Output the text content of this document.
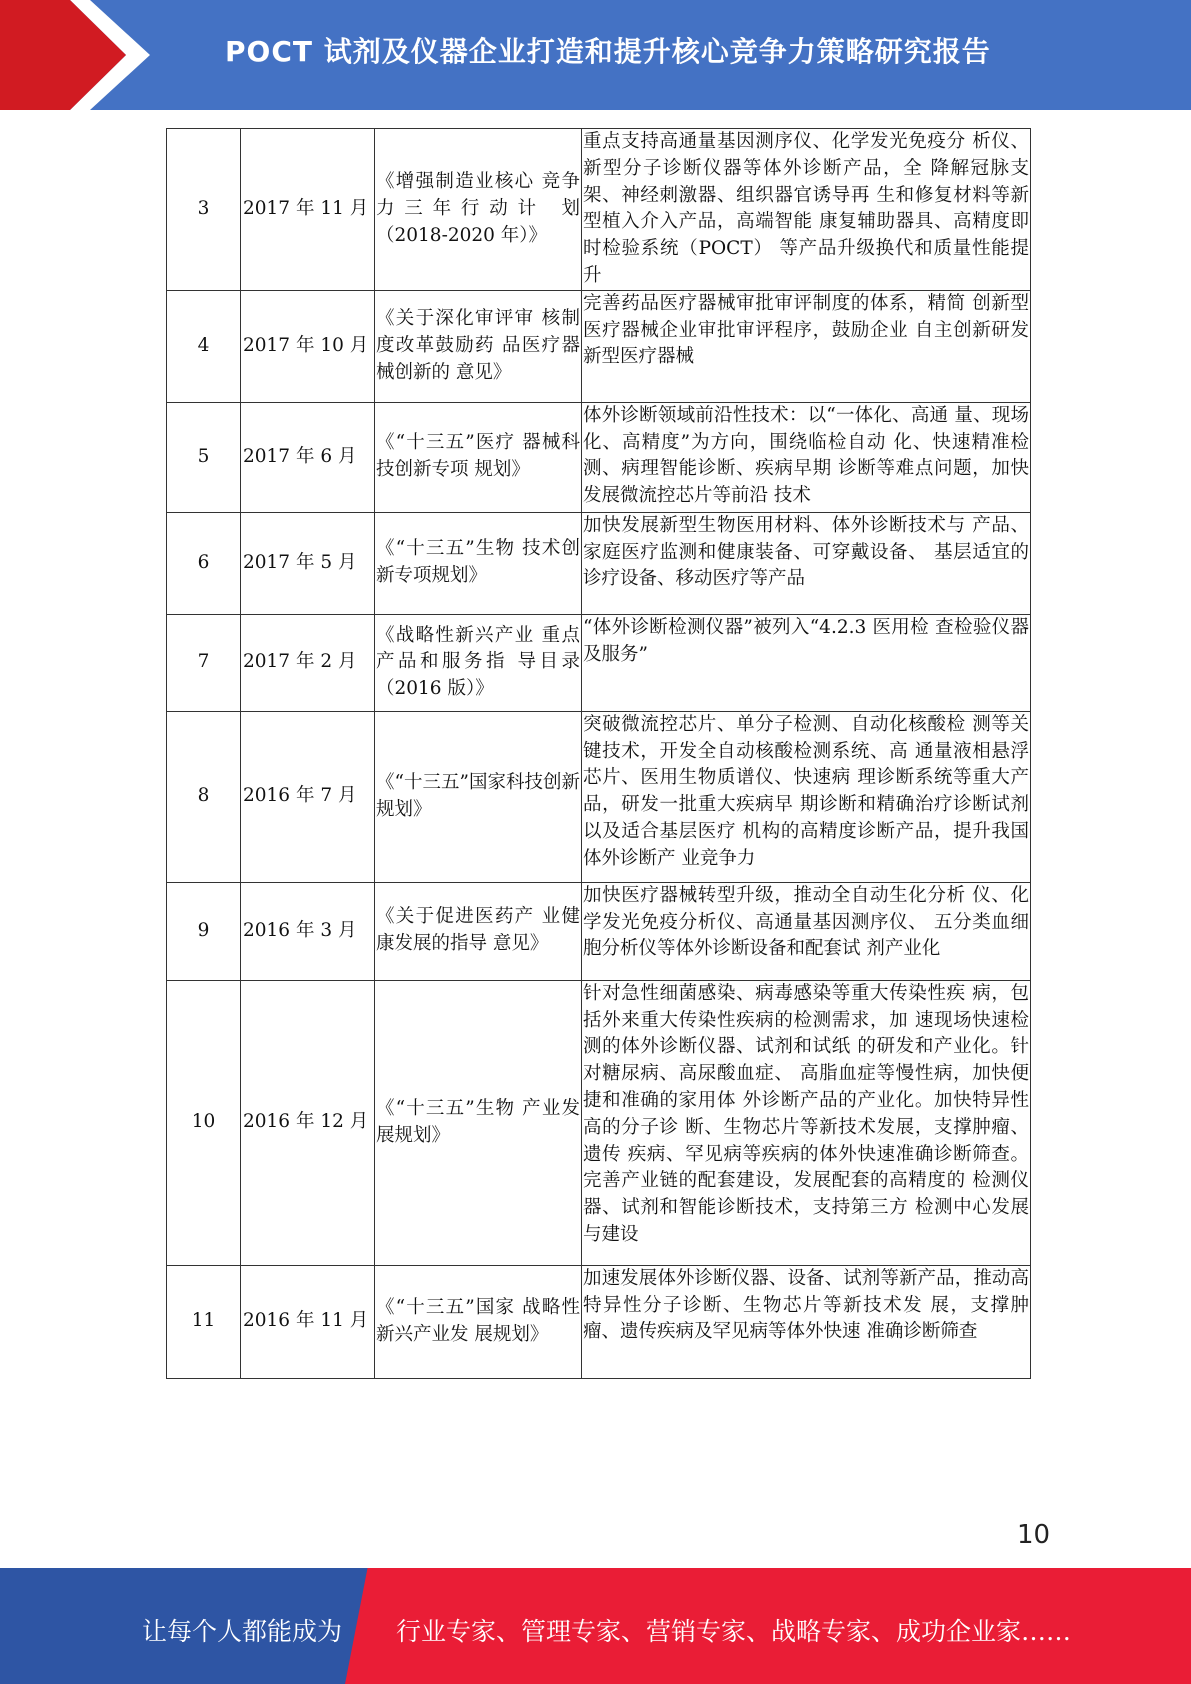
POCT 试剂及仪器企业打造和提升核心竞争力策略研究报告
3	2017 年 11 月	《增强制造业核心 竞争力三年行动计 划（2018-2020 年）》	重点支持高通量基因测序仪、化学发光免疫分 析仪、新型分子诊断仪器等体外诊断产品，全 降解冠脉支架、神经刺激器、组织器官诱导再 生和修复材料等新型植入介入产品，高端智能 康复辅助器具、高精度即时检验系统（POCT） 等产品升级换代和质量性能提升

4	2017 年 10 月	《关于深化审评审 核制度改革鼓励药 品医疗器械创新的 意见》	完善药品医疗器械审批审评制度的体系，精简 创新型医疗器械企业审批审评程序，鼓励企业 自主创新研发新型医疗器械

5	2017 年 6 月	《“十三五”医疗 器械科技创新专项 规划》	体外诊断领域前沿性技术：以“一体化、高通 量、现场化、高精度”为方向，围绕临检自动 化、快速精准检测、病理智能诊断、疾病早期 诊断等难点问题，加快发展微流控芯片等前沿 技术

6	2017 年 5 月	《“十三五”生物 技术创新专项规划》	加快发展新型生物医用材料、体外诊断技术与 产品、家庭医疗监测和健康装备、可穿戴设备、 基层适宜的诊疗设备、移动医疗等产品

7	2017 年 2 月	《战略性新兴产业 重点产品和服务指 导目录（2016 版）》	“体外诊断检测仪器”被列入“4.2.3 医用检 查检验仪器及服务”

8	2016 年 7 月	《“十三五”国家科技创新规划》	突破微流控芯片、单分子检测、自动化核酸检 测等关键技术，开发全自动核酸检测系统、高 通量液相悬浮芯片、医用生物质谱仪、快速病 理诊断系统等重大产品，研发一批重大疾病早 期诊断和精确治疗诊断试剂以及适合基层医疗 机构的高精度诊断产品，提升我国体外诊断产 业竞争力

9	2016 年 3 月	《关于促进医药产 业健康发展的指导 意见》	加快医疗器械转型升级，推动全自动生化分析 仪、化学发光免疫分析仪、高通量基因测序仪、 五分类血细胞分析仪等体外诊断设备和配套试 剂产业化

10	2016 年 12 月	《“十三五”生物 产业发展规划》	针对急性细菌感染、病毒感染等重大传染性疾 病，包括外来重大传染性疾病的检测需求，加 速现场快速检测的体外诊断仪器、试剂和试纸 的研发和产业化。针对糖尿病、高尿酸血症、 高脂血症等慢性病，加快便捷和准确的家用体 外诊断产品的产业化。加快特异性高的分子诊 断、生物芯片等新技术发展，支撑肿瘤、遗传 疾病、罕见病等疾病的体外快速准确诊断筛查。 完善产业链的配套建设，发展配套的高精度的 检测仪器、试剂和智能诊断技术，支持第三方 检测中心发展与建设

11	2016 年 11 月	《“十三五”国家 战略性新兴产业发 展规划》	加速发展体外诊断仪器、设备、试剂等新产品，推动高特异性分子诊断、生物芯片等新技术发 展，支撑肿瘤、遗传疾病及罕见病等体外快速 准确诊断筛查
10
让每个人都能成为 行业专家、管理专家、营销专家、战略专家、成功企业家……
